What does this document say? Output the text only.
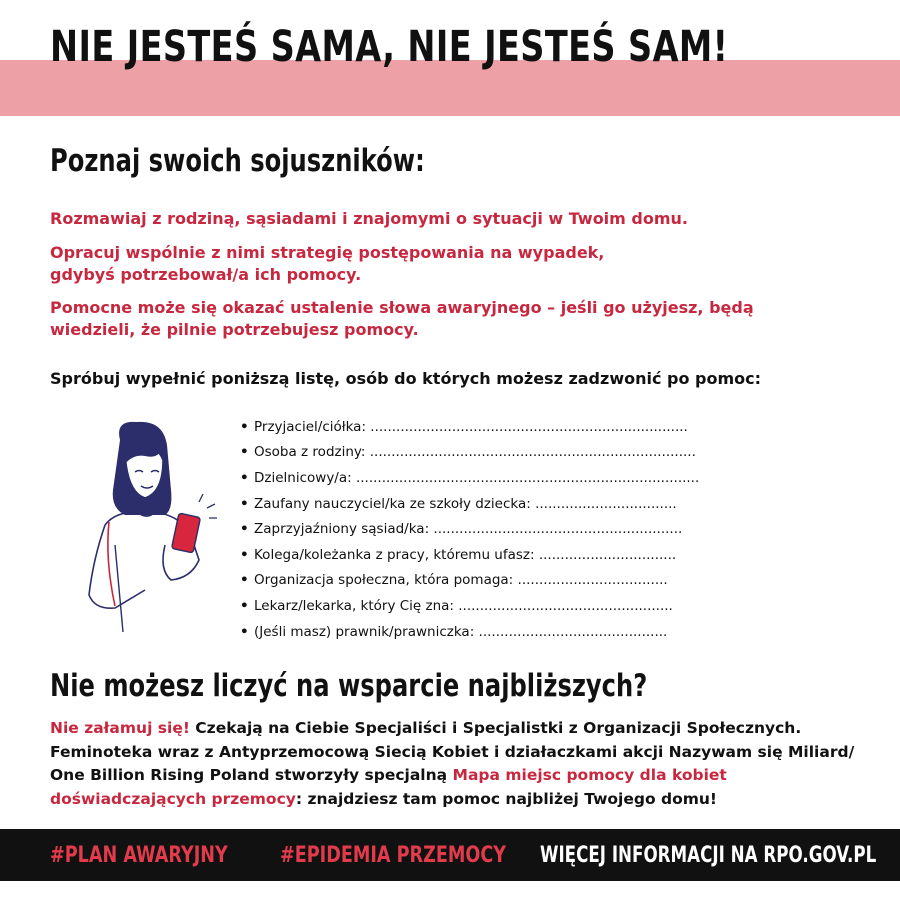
NIE JESTEŚ SAMA, NIE JESTEŚ SAM!
Poznaj swoich sojuszników:

Rozmawiaj z rodziną, sąsiadami i znajomymi o sytuacji w Twoim domu.

Opracuj wspólnie z nimi strategię postępowania na wypadek, gdybyś potrzebował/a ich pomocy.

Pomocne może się okazać ustalenie słowa awaryjnego – jeśli go użyjesz, będą wiedzieli, że pilnie potrzebujesz pomocy.

Spróbuj wypełnić poniższą listę, osób do których możesz zadzwonić po pomoc:

• Przyjaciel/ciółka: ..........................................................................
• Osoba z rodziny: ............................................................................
• Dzielnicowy/a: ................................................................................
• Zaufany nauczyciel/ka ze szkoły dziecka: .................................
• Zaprzyjaźniony sąsiad/ka: ..........................................................
• Kolega/koleżanka z pracy, któremu ufasz: ................................
• Organizacja społeczna, która pomaga: ...................................
• Lekarz/lekarka, który Cię zna: ..................................................
• (Jeśli masz) prawnik/prawniczka: ............................................
Nie możesz liczyć na wsparcie najbliższych?

Nie załamuj się! Czekają na Ciebie Specjaliści i Specjalistki z Organizacji Społecznych. Feminoteka wraz z Antyprzemocową Siecią Kobiet i działaczkami akcji Nazywam się Miliard/ One Billion Rising Poland stworzyły specjalną Mapa miejsc pomocy dla kobiet doświadczających przemocy: znajdziesz tam pomoc najbliżej Twojego domu!

#PLAN AWARYJNY #EPIDEMIA PRZEMOCY WIĘCEJ INFORMACJI NA RPO.GOV.PL
